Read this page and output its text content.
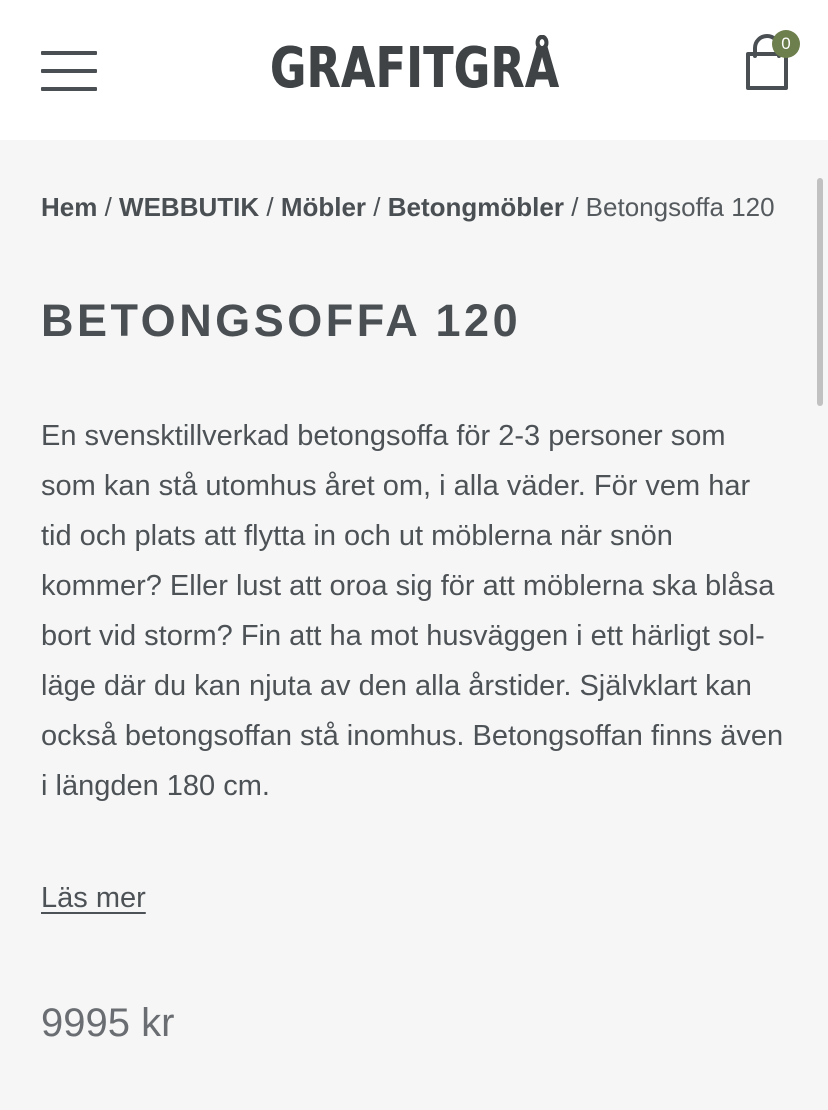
GRAFITGRÅ	0
Hem / WEBBUTIK / Möbler / Betongmöbler / Betongsoffa 120
BETONGSOFFA 120

En svensktillverkad betongsoffa för 2-3 personer som som kan stå utomhus året om, i alla väder. För vem har tid och plats att flytta in och ut möblerna när snön kommer? Eller lust att oroa sig för att möblerna ska blåsa bort vid storm? Fin att ha mot husväggen i ett härligt sol-läge där du kan njuta av den alla årstider. Självklart kan också betongsoffan stå inomhus. Betongsoffan finns även i längden 180 cm.

Läs mer
9995 kr
